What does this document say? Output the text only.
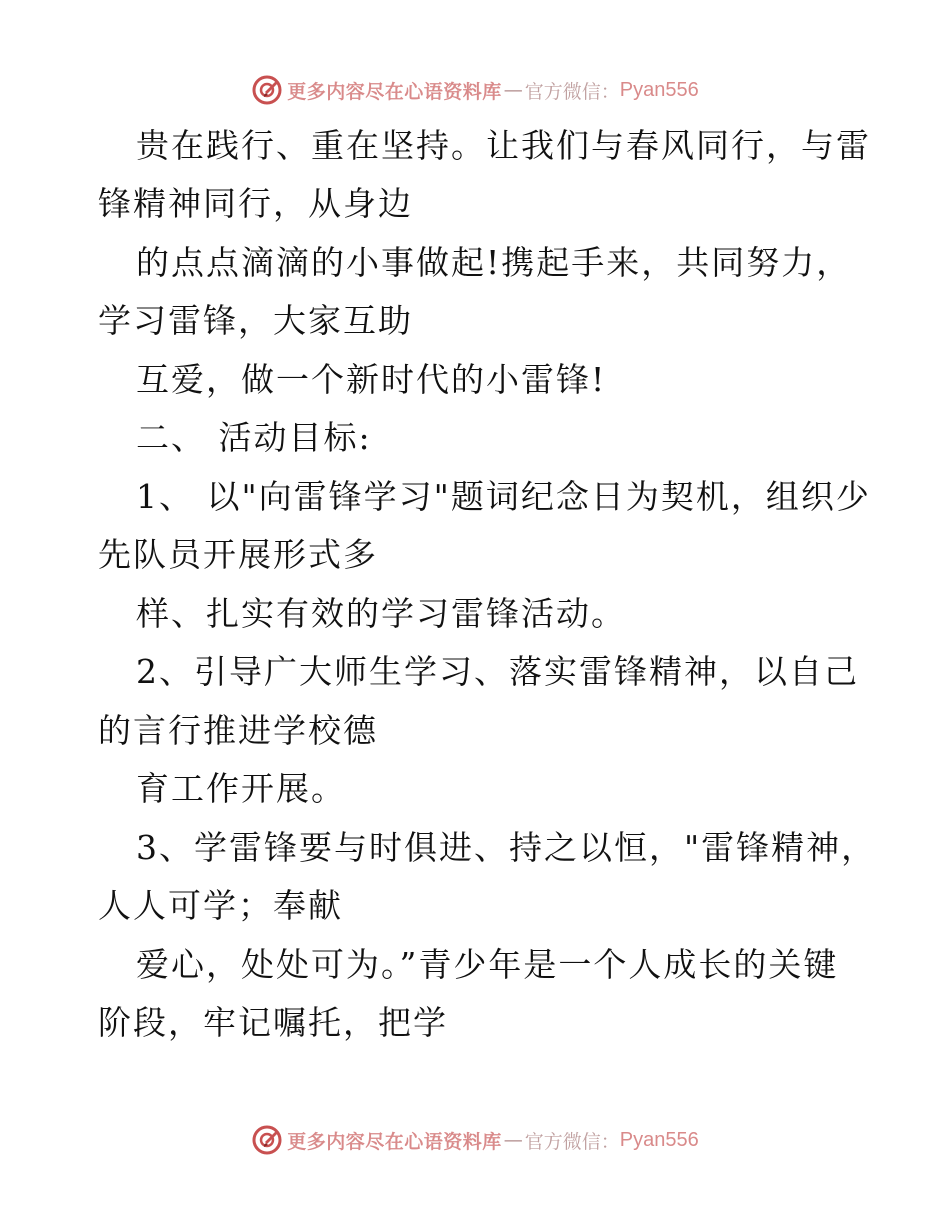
更多内容尽在心语资料库 — 官方微信： Pyan556
贵在践行、重在坚持。让我们与春风同行，与雷
锋精神同行，从身边
的点点滴滴的小事做起!携起手来，共同努力，
学习雷锋，大家互助
互爱，做一个新时代的小雷锋!
二、 活动目标:
1、 以"向雷锋学习"题词纪念日为契机，组织少
先队员开展形式多
样、扎实有效的学习雷锋活动。
2、引导广大师生学习、落实雷锋精神，以自己
的言行推进学校德
育工作开展。
3、学雷锋要与时俱进、持之以恒，"雷锋精神，
人人可学；奉献
爱心，处处可为。”青少年是一个人成长的关键
阶段，牢记嘱托，把学
更多内容尽在心语资料库 — 官方微信： Pyan556
